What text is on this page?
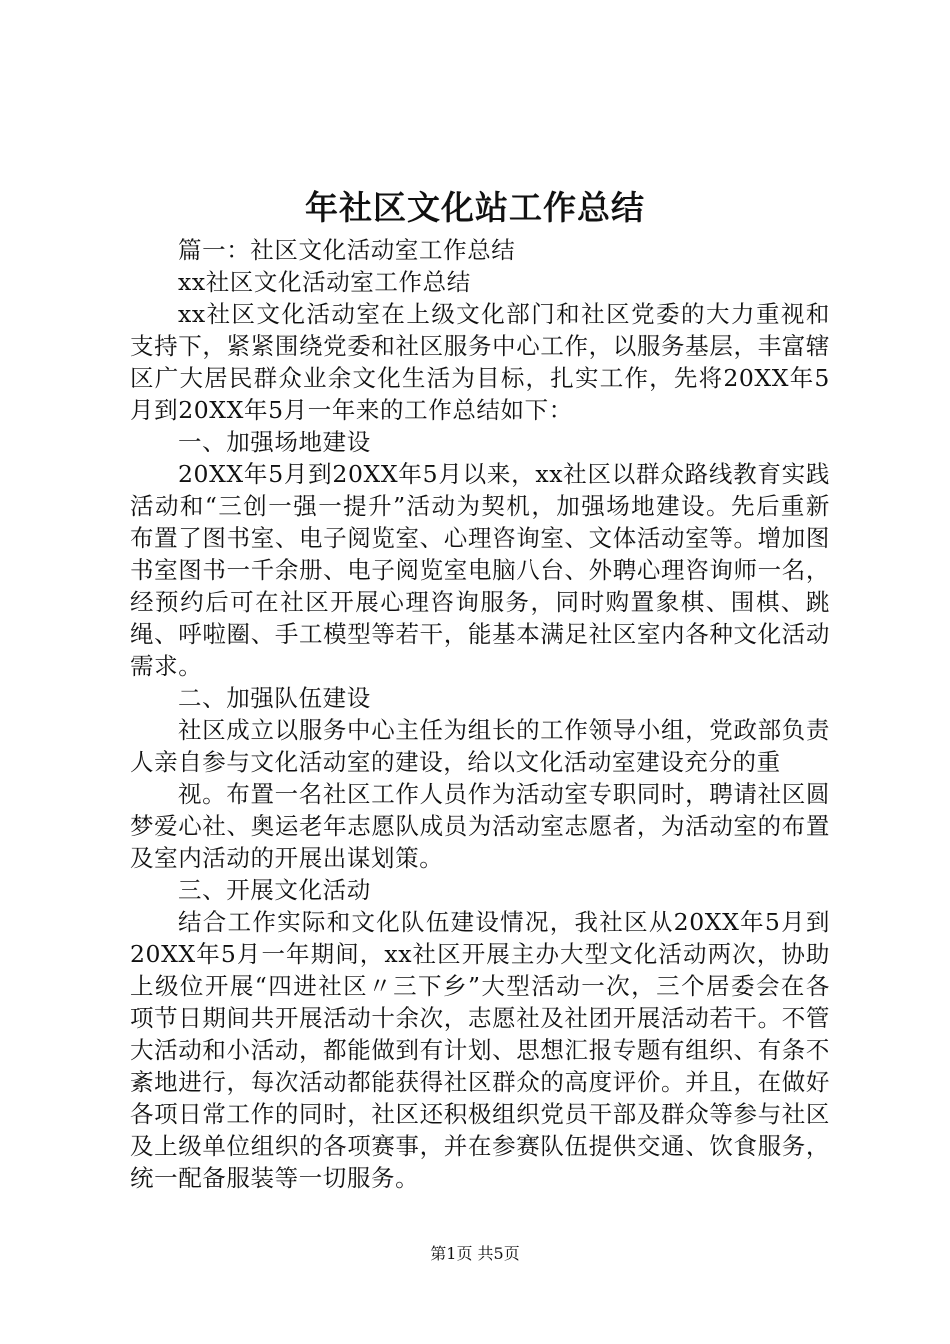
年社区文化站工作总结

篇一：社区文化活动室工作总结

xx社区文化活动室工作总结

xx社区文化活动室在上级文化部门和社区党委的大力重视和支持下，紧紧围绕党委和社区服务中心工作，以服务基层，丰富辖区广大居民群众业余文化生活为目标，扎实工作，先将20XX年5月到20XX年5月一年来的工作总结如下：

一、加强场地建设

20XX年5月到20XX年5月以来，xx社区以群众路线教育实践活动和“三创一强一提升”活动为契机，加强场地建设。先后重新布置了图书室、电子阅览室、心理咨询室、文体活动室等。增加图书室图书一千余册、电子阅览室电脑八台、外聘心理咨询师一名，经预约后可在社区开展心理咨询服务，同时购置象棋、围棋、跳绳、呼啦圈、手工模型等若干，能基本满足社区室内各种文化活动需求。

二、加强队伍建设

社区成立以服务中心主任为组长的工作领导小组，党政部负责人亲自参与文化活动室的建设，给以文化活动室建设充分的重

视。布置一名社区工作人员作为活动室专职同时，聘请社区圆梦爱心社、奥运老年志愿队成员为活动室志愿者，为活动室的布置及室内活动的开展出谋划策。

三、开展文化活动

结合工作实际和文化队伍建设情况，我社区从20XX年5月到20XX年5月一年期间，xx社区开展主办大型文化活动两次，协助上级位开展“四进社区〃三下乡”大型活动一次，三个居委会在各项节日期间共开展活动十余次，志愿社及社团开展活动若干。不管大活动和小活动，都能做到有计划、思想汇报专题有组织、有条不紊地进行，每次活动都能获得社区群众的高度评价。并且，在做好各项日常工作的同时，社区还积极组织党员干部及群众等参与社区及上级单位组织的各项赛事，并在参赛队伍提供交通、饮食服务，统一配备服装等一切服务。

第1页 共5页
